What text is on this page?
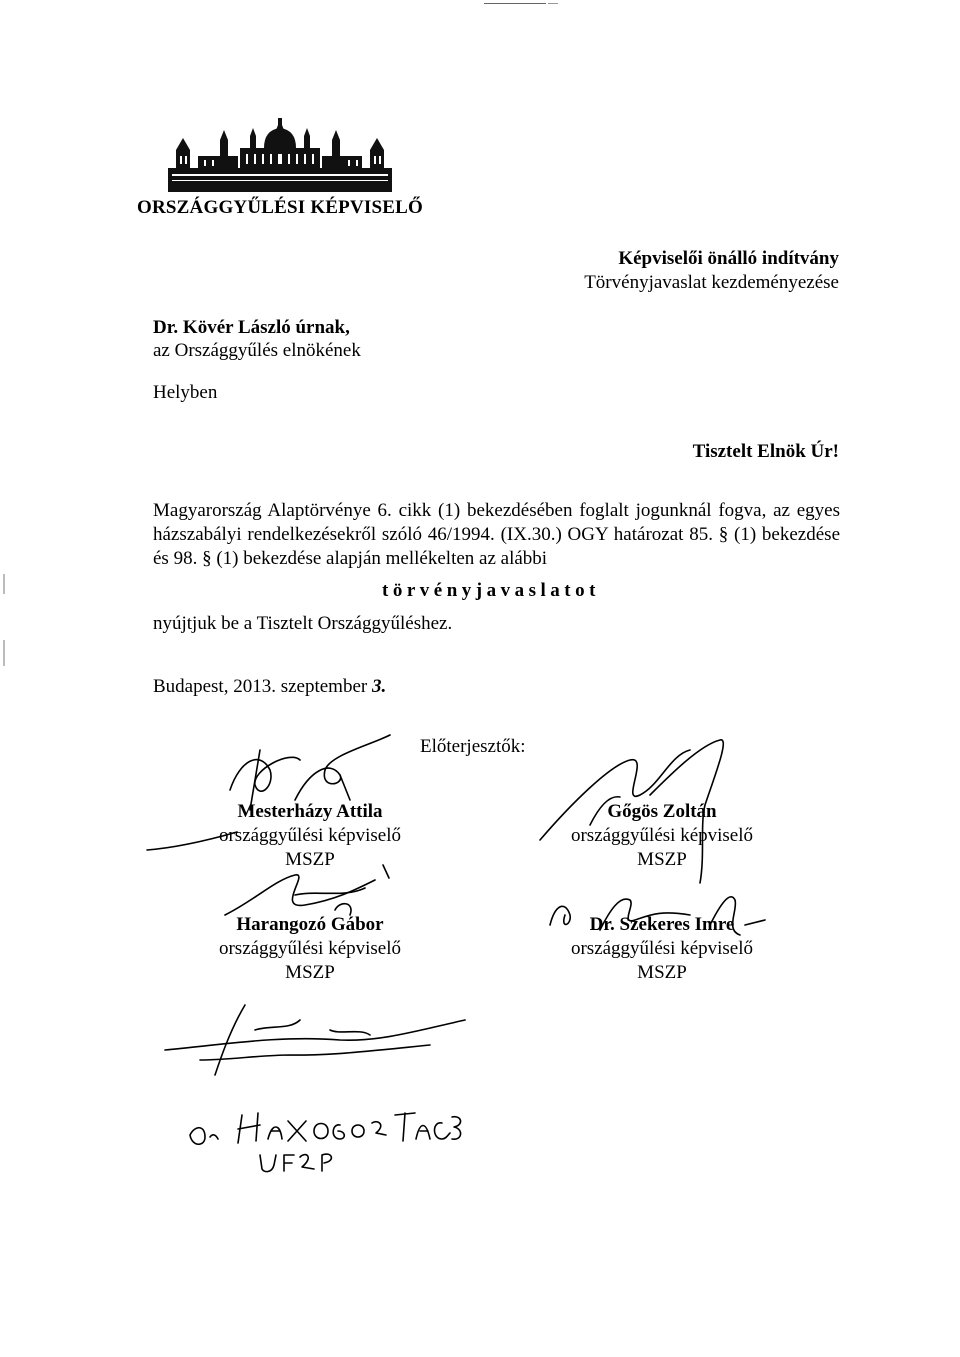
ORSZÁGGYŰLÉSI KÉPVISELŐ
Képviselői önálló indítvány
Törvényjavaslat kezdeményezése
Dr. Kövér László úrnak,
az Országgyűlés elnökének
Helyben
Tisztelt Elnök Úr!
Magyarország Alaptörvénye 6. cikk (1) bekezdésében foglalt jogunknál fogva, az egyes házszabályi rendelkezésekről szóló 46/1994. (IX.30.) OGY határozat 85. § (1) bekezdése és 98. § (1) bekezdése alapján mellékelten az alábbi
törvényjavaslatot
nyújtjuk be a Tisztelt Országgyűléshez.
Budapest, 2013. szeptember 3.
Előterjesztők:
Mesterházy Attila
országgyűlési képviselő
MSZP
Gőgös Zoltán
országgyűlési képviselő
MSZP
Harangozó Gábor
országgyűlési képviselő
MSZP
Dr. Szekeres Imre
országgyűlési képviselő
MSZP
